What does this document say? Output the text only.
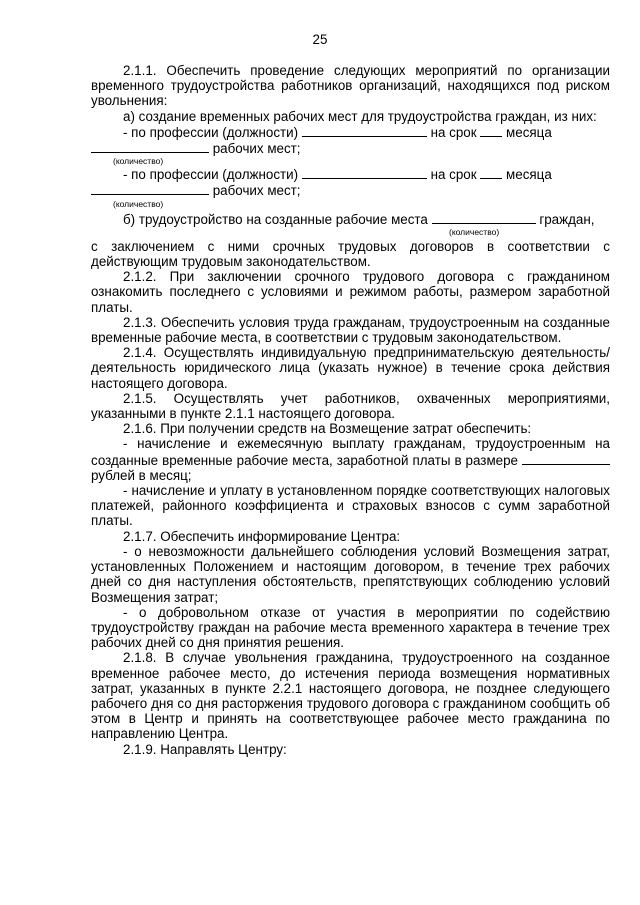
25
2.1.1. Обеспечить проведение следующих мероприятий по организации временного трудоустройства работников организаций, находящихся под риском увольнения:
а) создание временных рабочих мест для трудоустройства граждан, из них:
- по профессии (должности)	на срок месяца
рабочих мест;
(количество)
- по профессии (должности)	на срок месяца
рабочих мест;
(количество)
б) трудоустройство на созданные рабочие места	граждан,
(количество)
с заключением с ними срочных трудовых договоров в соответствии с действующим трудовым законодательством.
2.1.2. При заключении срочного трудового договора с гражданином ознакомить последнего с условиями и режимом работы, размером заработной платы.
2.1.3. Обеспечить условия труда гражданам, трудоустроенным на созданные временные рабочие места, в соответствии с трудовым законодательством.
2.1.4. Осуществлять индивидуальную предпринимательскую деятельность/деятельность юридического лица (указать нужное) в течение срока действия настоящего договора.
2.1.5. Осуществлять учет работников, охваченных мероприятиями, указанными в пункте 2.1.1 настоящего договора.
2.1.6. При получении средств на Возмещение затрат обеспечить:
- начисление и ежемесячную выплату гражданам, трудоустроенным на созданные временные рабочие места, заработной платы в размере  рублей в месяц;
- начисление и уплату в установленном порядке соответствующих налоговых платежей, районного коэффициента и страховых взносов с сумм заработной платы.
2.1.7. Обеспечить информирование Центра:
- о невозможности дальнейшего соблюдения условий Возмещения затрат, установленных Положением и настоящим договором, в течение трех рабочих дней со дня наступления обстоятельств, препятствующих соблюдению условий Возмещения затрат;
- о добровольном отказе от участия в мероприятии по содействию трудоустройству граждан на рабочие места временного характера в течение трех рабочих дней со дня принятия решения.
2.1.8. В случае увольнения гражданина, трудоустроенного на созданное временное рабочее место, до истечения периода возмещения нормативных затрат, указанных в пункте 2.2.1 настоящего договора, не позднее следующего рабочего дня со дня расторжения трудового договора с гражданином сообщить об этом в Центр и принять на соответствующее рабочее место гражданина по направлению Центра.
2.1.9. Направлять Центру:
